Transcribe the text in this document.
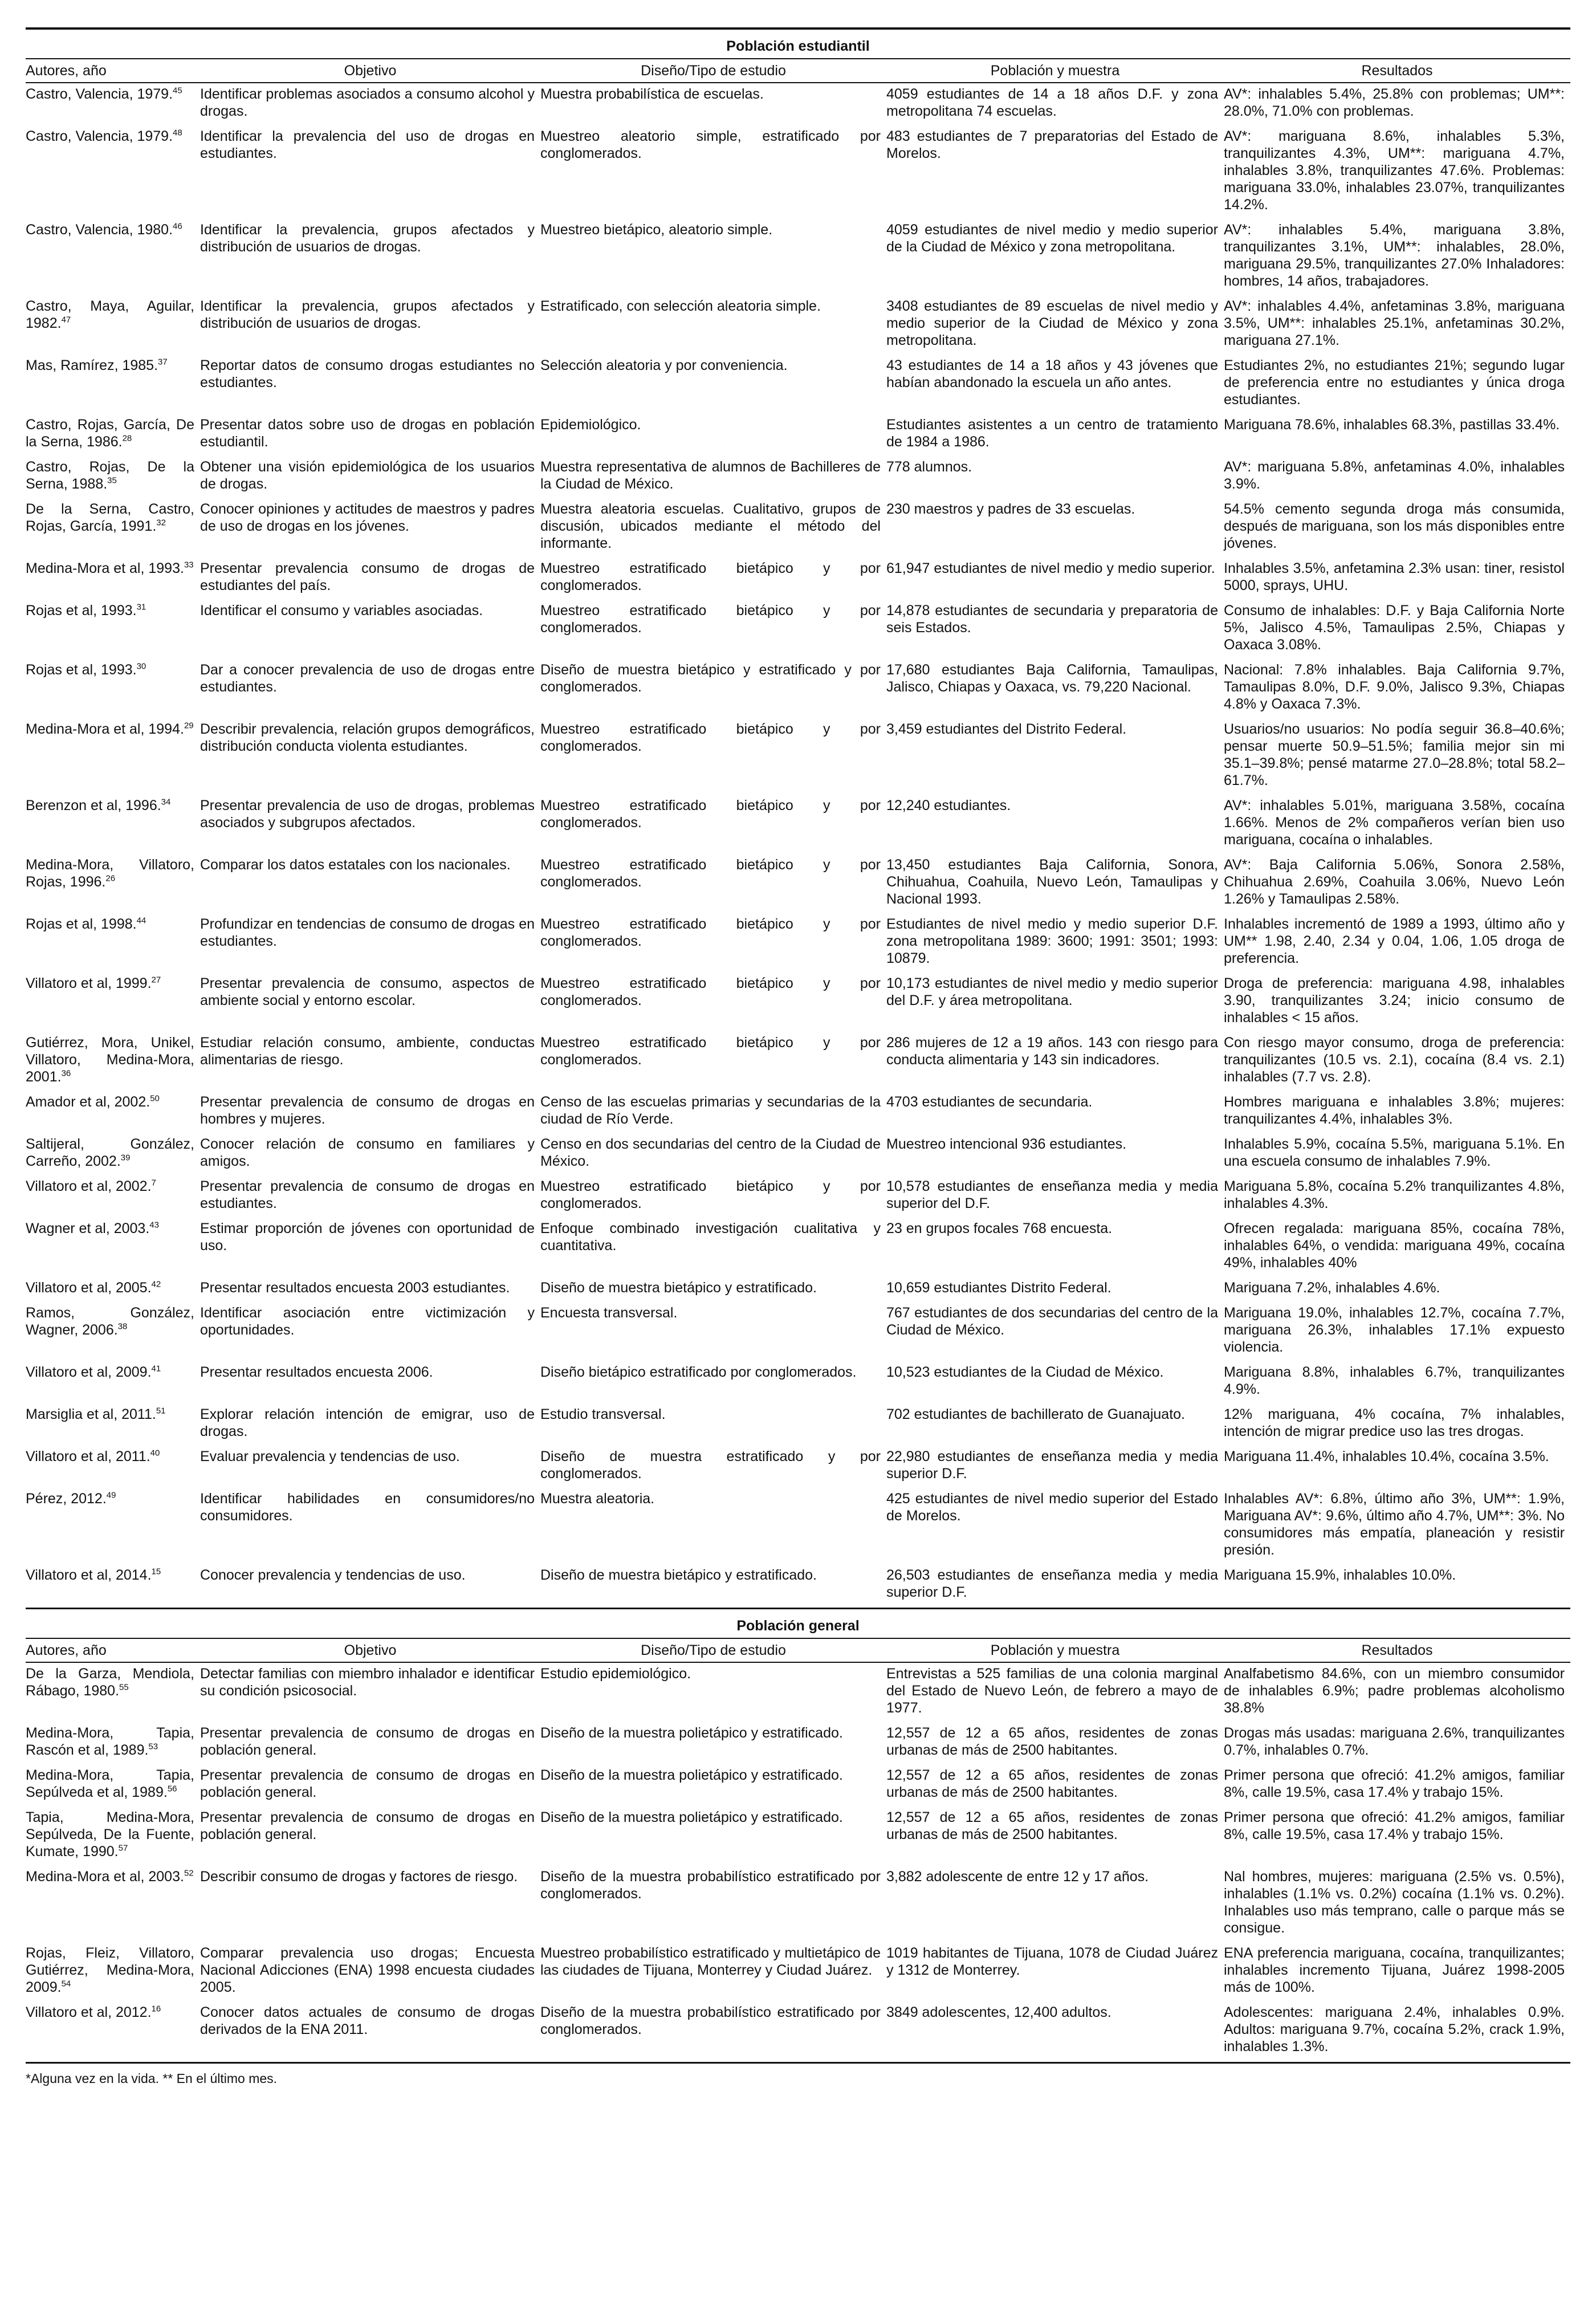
Población estudiantil				
Autores, año	Objetivo	Diseño/Tipo de estudio	Población y muestra	Resultados
Castro, Valencia, 1979.45	Identificar problemas asociados a consumo alcohol y drogas.	Muestra probabilística de escuelas.	4059 estudiantes de 14 a 18 años D.F. y zona metropolitana 74 escuelas.	AV*: inhalables 5.4%, 25.8% con problemas; UM**: 28.0%, 71.0% con problemas.
Castro, Valencia, 1979.48	Identificar la prevalencia del uso de drogas en estudiantes.	Muestreo aleatorio simple, estratificado por conglomerados.	483 estudiantes de 7 preparatorias del Estado de Morelos.	AV*: mariguana 8.6%, inhalables 5.3%, tranquilizantes 4.3%, UM**: mariguana 4.7%, inhalables 3.8%, tranquilizantes 47.6%. Problemas: mariguana 33.0%, inhalables 23.07%, tranquilizantes 14.2%.
Castro, Valencia, 1980.46	Identificar la prevalencia, grupos afectados y distribución de usuarios de drogas.	Muestreo bietápico, aleatorio simple.	4059 estudiantes de nivel medio y medio superior de la Ciudad de México y zona metropolitana.	AV*: inhalables 5.4%, mariguana 3.8%, tranquilizantes 3.1%, UM**: inhalables, 28.0%, mariguana 29.5%, tranquilizantes 27.0% Inhaladores: hombres, 14 años, trabajadores.
Castro, Maya, Aguilar, 1982.47	Identificar la prevalencia, grupos afectados y distribución de usuarios de drogas.	Estratificado, con selección aleatoria simple.	3408 estudiantes de 89 escuelas de nivel medio y medio superior de la Ciudad de México y zona metropolitana.	AV*: inhalables 4.4%, anfetaminas 3.8%, mariguana 3.5%, UM**: inhalables 25.1%, anfetaminas 30.2%, mariguana 27.1%.
Mas, Ramírez, 1985.37	Reportar datos de consumo drogas estudiantes no estudiantes.	Selección aleatoria y por conveniencia.	43 estudiantes de 14 a 18 años y 43 jóvenes que habían abandonado la escuela un año antes.	Estudiantes 2%, no estudiantes 21%; segundo lugar de preferencia entre no estudiantes y única droga estudiantes.
Castro, Rojas, García, De la Serna, 1986.28	Presentar datos sobre uso de drogas en población estudiantil.	Epidemiológico.	Estudiantes asistentes a un centro de tratamiento de 1984 a 1986.	Mariguana 78.6%, inhalables 68.3%, pastillas 33.4%.
Castro, Rojas, De la Serna, 1988.35	Obtener una visión epidemiológica de los usuarios de drogas.	Muestra representativa de alumnos de Bachilleres de la Ciudad de México.	778 alumnos.	AV*: mariguana 5.8%, anfetaminas 4.0%, inhalables 3.9%.
De la Serna, Castro, Rojas, García, 1991.32	Conocer opiniones y actitudes de maestros y padres de uso de drogas en los jóvenes.	Muestra aleatoria escuelas. Cualitativo, grupos de discusión, ubicados mediante el método del informante.	230 maestros y padres de 33 escuelas.	54.5% cemento segunda droga más consumida, después de mariguana, son los más disponibles entre jóvenes.
Medina-Mora et al, 1993.33	Presentar prevalencia consumo de drogas de estudiantes del país.	Muestreo estratificado bietápico y por conglomerados.	61,947 estudiantes de nivel medio y medio superior.	Inhalables 3.5%, anfetamina 2.3% usan: tiner, resistol 5000, sprays, UHU.
Rojas et al, 1993.31	Identificar el consumo y variables asociadas.	Muestreo estratificado bietápico y por conglomerados.	14,878 estudiantes de secundaria y preparatoria de seis Estados.	Consumo de inhalables: D.F. y Baja California Norte 5%, Jalisco 4.5%, Tamaulipas 2.5%, Chiapas y Oaxaca 3.08%.
Rojas et al, 1993.30	Dar a conocer prevalencia de uso de drogas entre estudiantes.	Diseño de muestra bietápico y estratificado y por conglomerados.	17,680 estudiantes Baja California, Tamaulipas, Jalisco, Chiapas y Oaxaca, vs. 79,220 Nacional.	Nacional: 7.8% inhalables. Baja California 9.7%, Tamaulipas 8.0%, D.F. 9.0%, Jalisco 9.3%, Chiapas 4.8% y Oaxaca 7.3%.
Medina-Mora et al, 1994.29	Describir prevalencia, relación grupos demográficos, distribución conducta violenta estudiantes.	Muestreo estratificado bietápico y por conglomerados.	3,459 estudiantes del Distrito Federal.	Usuarios/no usuarios: No podía seguir 36.8–40.6%; pensar muerte 50.9–51.5%; familia mejor sin mi 35.1–39.8%; pensé matarme 27.0–28.8%; total 58.2–61.7%.
Berenzon et al, 1996.34	Presentar prevalencia de uso de drogas, problemas asociados y subgrupos afectados.	Muestreo estratificado bietápico y por conglomerados.	12,240 estudiantes.	AV*: inhalables 5.01%, mariguana 3.58%, cocaína 1.66%. Menos de 2% compañeros verían bien uso mariguana, cocaína o inhalables.
Medina-Mora, Villatoro, Rojas, 1996.26	Comparar los datos estatales con los nacionales.	Muestreo estratificado bietápico y por conglomerados.	13,450 estudiantes Baja California, Sonora, Chihuahua, Coahuila, Nuevo León, Tamaulipas y Nacional 1993.	AV*: Baja California 5.06%, Sonora 2.58%, Chihuahua 2.69%, Coahuila 3.06%, Nuevo León 1.26% y Tamaulipas 2.58%.
Rojas et al, 1998.44	Profundizar en tendencias de consumo de drogas en estudiantes.	Muestreo estratificado bietápico y por conglomerados.	Estudiantes de nivel medio y medio superior D.F. zona metropolitana 1989: 3600; 1991: 3501; 1993: 10879.	Inhalables incrementó de 1989 a 1993, último año y UM** 1.98, 2.40, 2.34 y 0.04, 1.06, 1.05 droga de preferencia.
Villatoro et al, 1999.27	Presentar prevalencia de consumo, aspectos de ambiente social y entorno escolar.	Muestreo estratificado bietápico y por conglomerados.	10,173 estudiantes de nivel medio y medio superior del D.F. y área metropolitana.	Droga de preferencia: mariguana 4.98, inhalables 3.90, tranquilizantes 3.24; inicio consumo de inhalables < 15 años.
Gutiérrez, Mora, Unikel, Villatoro, Medina-Mora, 2001.36	Estudiar relación consumo, ambiente, conductas alimentarias de riesgo.	Muestreo estratificado bietápico y por conglomerados.	286 mujeres de 12 a 19 años. 143 con riesgo para conducta alimentaria y 143 sin indicadores.	Con riesgo mayor consumo, droga de preferencia: tranquilizantes (10.5 vs. 2.1), cocaína (8.4 vs. 2.1) inhalables (7.7 vs. 2.8).
Amador et al, 2002.50	Presentar prevalencia de consumo de drogas en hombres y mujeres.	Censo de las escuelas primarias y secundarias de la ciudad de Río Verde.	4703 estudiantes de secundaria.	Hombres mariguana e inhalables 3.8%; mujeres: tranquilizantes 4.4%, inhalables 3%.
Saltijeral, González, Carreño, 2002.39	Conocer relación de consumo en familiares y amigos.	Censo en dos secundarias del centro de la Ciudad de México.	Muestreo intencional 936 estudiantes.	Inhalables 5.9%, cocaína 5.5%, mariguana 5.1%. En una escuela consumo de inhalables 7.9%.
Villatoro et al, 2002.$^7$	Presentar prevalencia de consumo de drogas en estudiantes.	Muestreo estratificado bietápico y por conglomerados.	10,578 estudiantes de enseñanza media y media superior del D.F.	Mariguana 5.8%, cocaína 5.2% tranquilizantes 4.8%, inhalables 4.3%.
Wagner et al, 2003.43	Estimar proporción de jóvenes con oportunidad de uso.	Enfoque combinado investigación cualitativa y cuantitativa.	23 en grupos focales 768 encuesta.	Ofrecen regalada: mariguana 85%, cocaína 78%, inhalables 64%, o vendida: mariguana 49%, cocaína 49%, inhalables 40%
Villatoro et al, 2005.42	Presentar resultados encuesta 2003 estudiantes.	Diseño de muestra bietápico y estratificado.	10,659 estudiantes Distrito Federal.	Mariguana 7.2%, inhalables 4.6%.
Ramos, González, Wagner, 2006.38	Identificar asociación entre victimización y oportunidades.	Encuesta transversal.	767 estudiantes de dos secundarias del centro de la Ciudad de México.	Mariguana 19.0%, inhalables 12.7%, cocaína 7.7%, mariguana 26.3%, inhalables 17.1% expuesto violencia.
Villatoro et al, 2009.41	Presentar resultados encuesta 2006.	Diseño bietápico estratificado por conglomerados.	10,523 estudiantes de la Ciudad de México.	Mariguana 8.8%, inhalables 6.7%, tranquilizantes 4.9%.
Marsiglia et al, 2011.51	Explorar relación intención de emigrar, uso de drogas.	Estudio transversal.	702 estudiantes de bachillerato de Guanajuato.	12% mariguana, 4% cocaína, 7% inhalables, intención de migrar predice uso las tres drogas.
Villatoro et al, 2011.40	Evaluar prevalencia y tendencias de uso.	Diseño de muestra estratificado y por conglomerados.	22,980 estudiantes de enseñanza media y media superior D.F.	Mariguana 11.4%, inhalables 10.4%, cocaína 3.5%.
Pérez, 2012.49	Identificar habilidades en consumidores/no consumidores.	Muestra aleatoria.	425 estudiantes de nivel medio superior del Estado de Morelos.	Inhalables AV*: 6.8%, último año 3%, UM**: 1.9%, Mariguana AV*: 9.6%, último año 4.7%, UM**: 3%. No consumidores más empatía, planeación y resistir presión.
Villatoro et al, 2014.15	Conocer prevalencia y tendencias de uso.	Diseño de muestra bietápico y estratificado.	26,503 estudiantes de enseñanza media y media superior D.F.	Mariguana 15.9%, inhalables 10.0%.
Población general				
Autores, año	Objetivo	Diseño/Tipo de estudio	Población y muestra	Resultados
De la Garza, Mendiola, Rábago, 1980.55	Detectar familias con miembro inhalador e identificar su condición psicosocial.	Estudio epidemiológico.	Entrevistas a 525 familias de una colonia marginal del Estado de Nuevo León, de febrero a mayo de 1977.	Analfabetismo 84.6%, con un miembro consumidor de inhalables 6.9%; padre problemas alcoholismo 38.8%
Medina-Mora, Tapia, Rascón et al, 1989.53	Presentar prevalencia de consumo de drogas en población general.	Diseño de la muestra polietápico y estratificado.	12,557 de 12 a 65 años, residentes de zonas urbanas de más de 2500 habitantes.	Drogas más usadas: mariguana 2.6%, tranquilizantes 0.7%, inhalables 0.7%.
Medina-Mora, Tapia, Sepúlveda et al, 1989.56	Presentar prevalencia de consumo de drogas en población general.	Diseño de la muestra polietápico y estratificado.	12,557 de 12 a 65 años, residentes de zonas urbanas de más de 2500 habitantes.	Primer persona que ofreció: 41.2% amigos, familiar 8%, calle 19.5%, casa 17.4% y trabajo 15%.
Tapia, Medina-Mora, Sepúlveda, De la Fuente, Kumate, 1990.57	Presentar prevalencia de consumo de drogas en población general.	Diseño de la muestra polietápico y estratificado.	12,557 de 12 a 65 años, residentes de zonas urbanas de más de 2500 habitantes.	Primer persona que ofreció: 41.2% amigos, familiar 8%, calle 19.5%, casa 17.4% y trabajo 15%.
Medina-Mora et al, 2003.52	Describir consumo de drogas y factores de riesgo.	Diseño de la muestra probabilístico estratificado por conglomerados.	3,882 adolescente de entre 12 y 17 años.	Nal hombres, mujeres: mariguana (2.5% vs. 0.5%), inhalables (1.1% vs. 0.2%) cocaína (1.1% vs. 0.2%). Inhalables uso más temprano, calle o parque más se consigue.
Rojas, Fleiz, Villatoro, Gutiérrez, Medina-Mora, 2009.54	Comparar prevalencia uso drogas; Encuesta Nacional Adicciones (ENA) 1998 encuesta ciudades 2005.	Muestreo probabilístico estratificado y multietápico de las ciudades de Tijuana, Monterrey y Ciudad Juárez.	1019 habitantes de Tijuana, 1078 de Ciudad Juárez y 1312 de Monterrey.	ENA preferencia mariguana, cocaína, tranquilizantes; inhalables incremento Tijuana, Juárez 1998-2005 más de 100%.
Villatoro et al, 2012.16	Conocer datos actuales de consumo de drogas derivados de la ENA 2011.	Diseño de la muestra probabilístico estratificado por conglomerados.	3849 adolescentes, 12,400 adultos.	Adolescentes: mariguana 2.4%, inhalables 0.9%. Adultos: mariguana 9.7%, cocaína 5.2%, crack 1.9%, inhalables 1.3%.
*Alguna vez en la vida. ** En el último mes.
